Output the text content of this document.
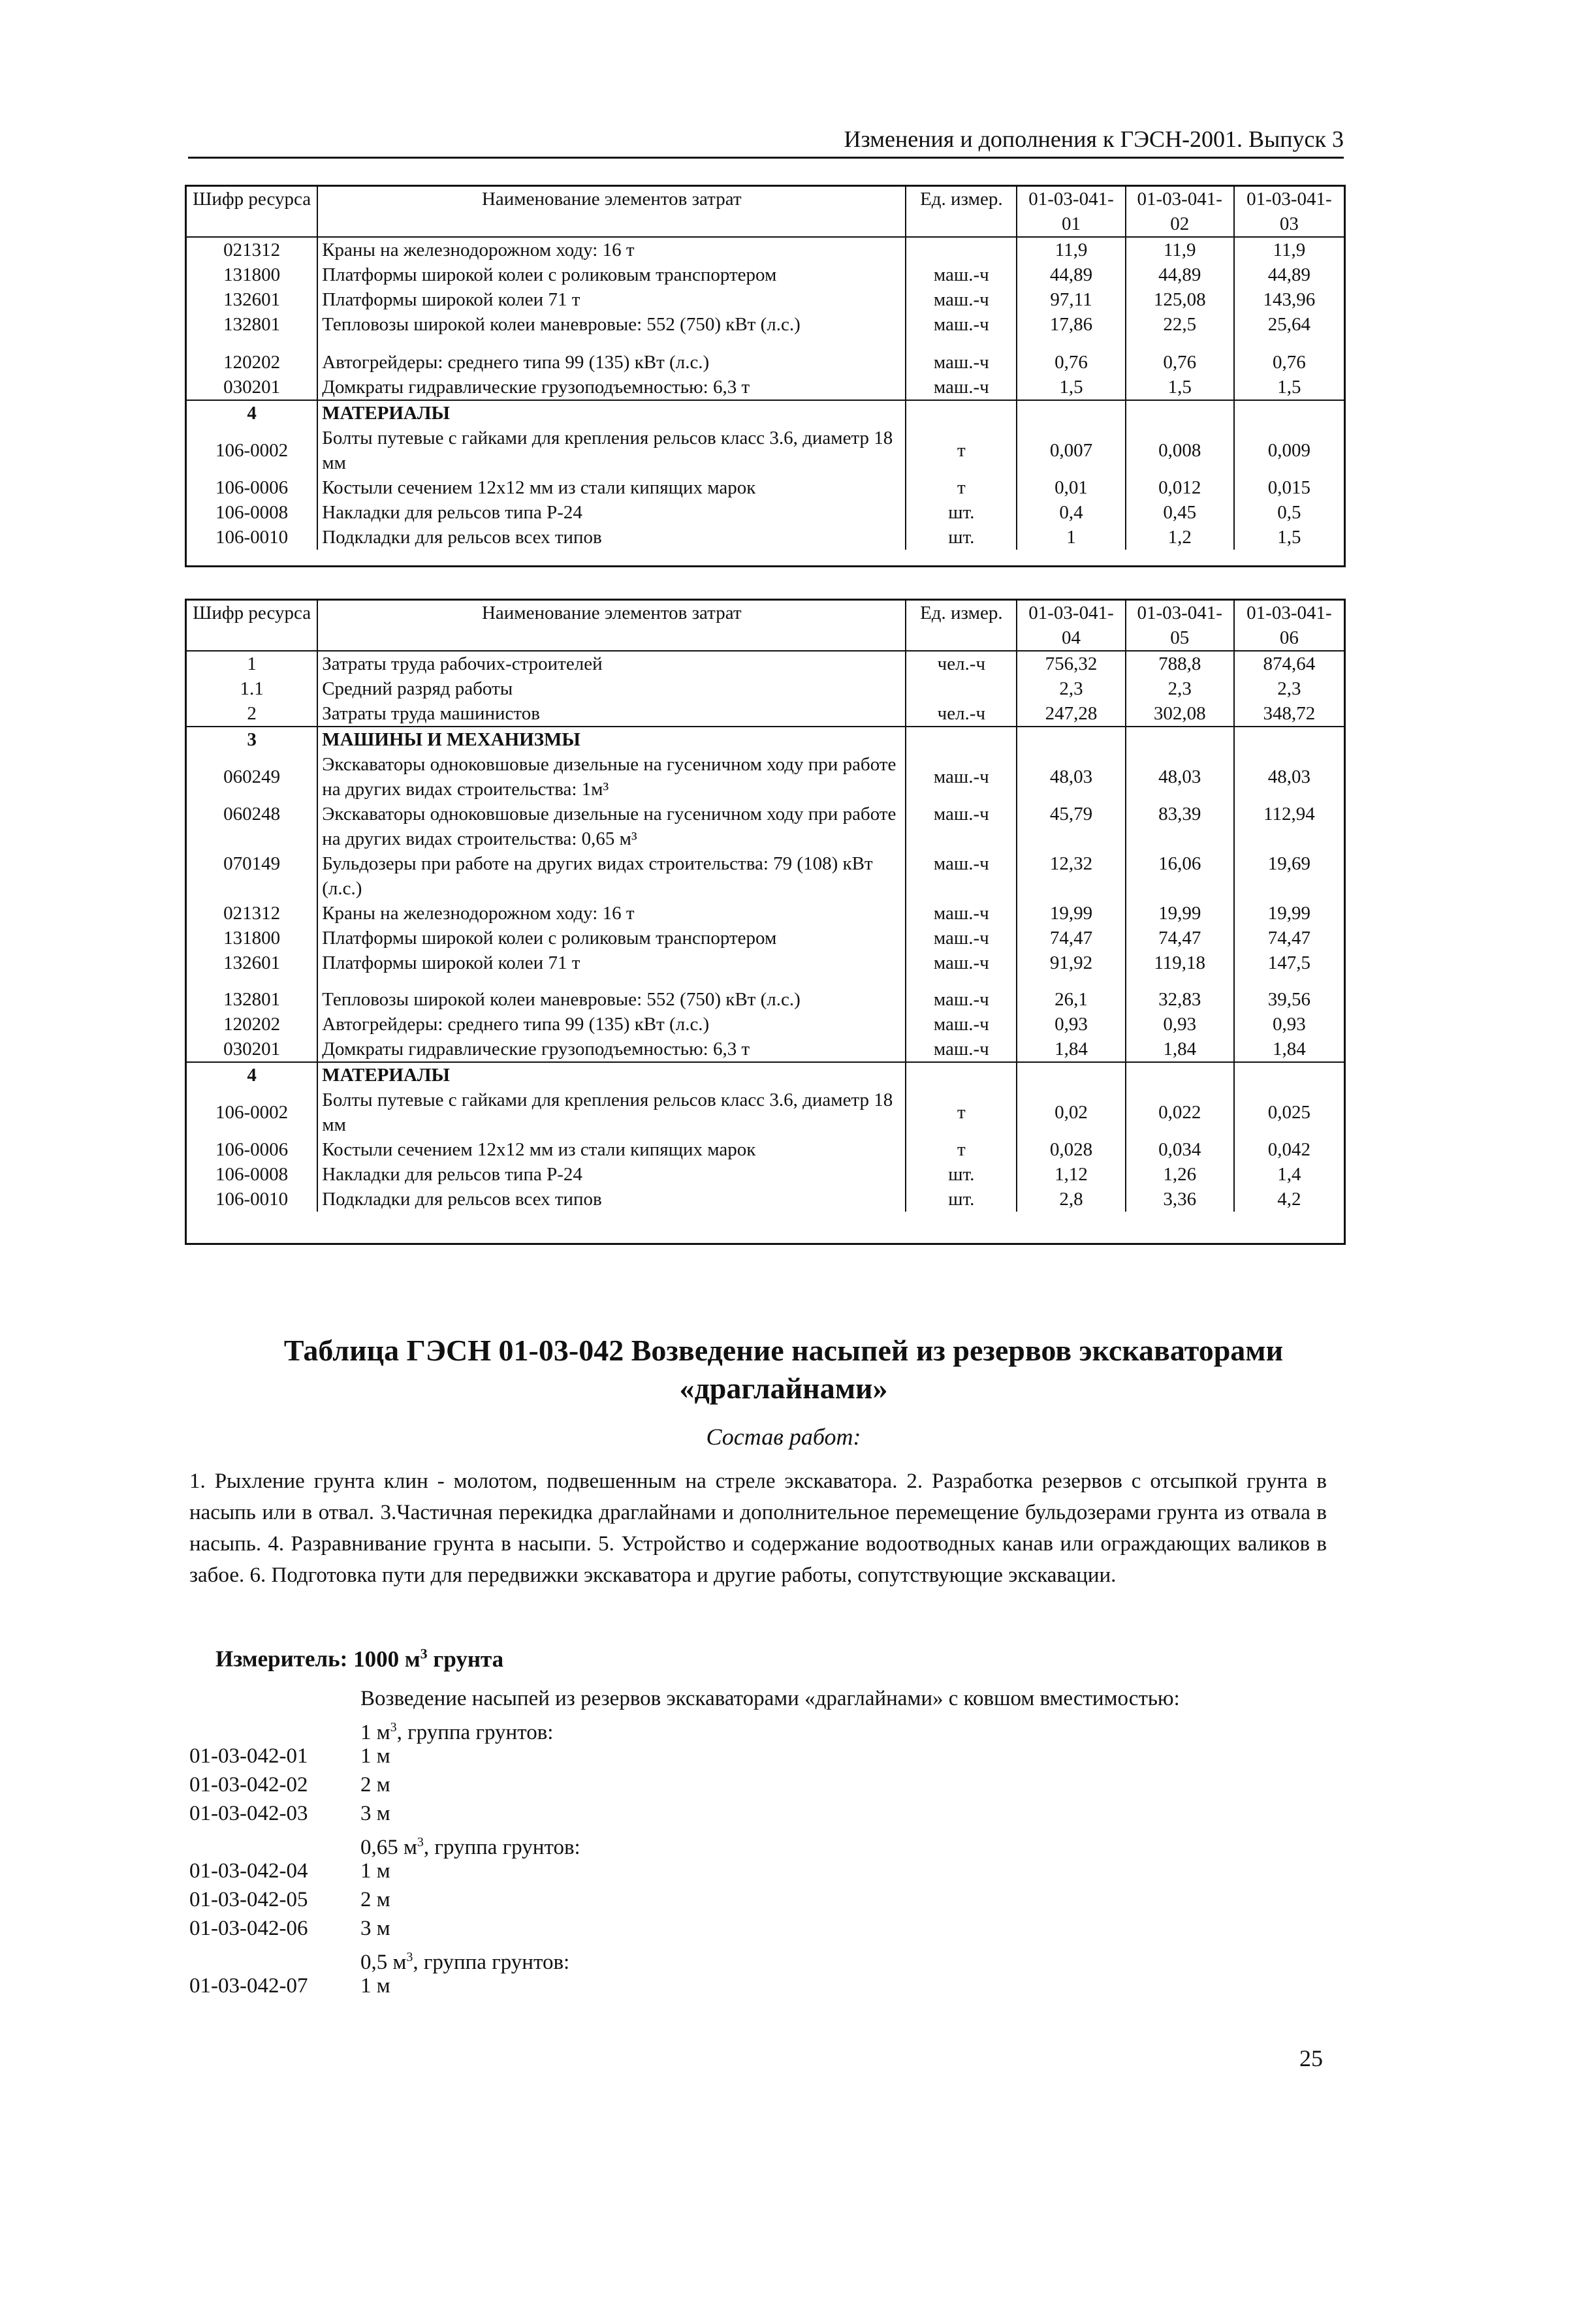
Изменения и дополнения к ГЭСН-2001. Выпуск 3
Шифр ресурса	Наименование элементов затрат	Ед. измер.	01-03-041-01	01-03-041-02	01-03-041-03
021312	Краны на железнодорожном ходу: 16 т		11,9	11,9	11,9
131800	Платформы широкой колеи с роликовым транспортером	маш.-ч	44,89	44,89	44,89
132601	Платформы широкой колеи 71 т	маш.-ч	97,11	125,08	143,96
132801	Тепловозы широкой колеи маневровые: 552 (750) кВт (л.с.)	маш.-ч	17,86	22,5	25,64
120202	Автогрейдеры: среднего типа 99 (135) кВт (л.с.)	маш.-ч	0,76	0,76	0,76
030201	Домкраты гидравлические грузоподъемностью: 6,3 т	маш.-ч	1,5	1,5	1,5
4	МАТЕРИАЛЫ				
106-0002	Болты путевые с гайками для крепления рельсов класс 3.6, диаметр 18 мм	т	0,007	0,008	0,009
106-0006	Костыли сечением 12х12 мм из стали кипящих марок	т	0,01	0,012	0,015
106-0008	Накладки для рельсов типа Р-24	шт.	0,4	0,45	0,5
106-0010	Подкладки для рельсов всех типов	шт.	1	1,2	1,5
Шифр ресурса	Наименование элементов затрат	Ед. измер.	01-03-041-04	01-03-041-05	01-03-041-06
1	Затраты труда рабочих-строителей	чел.-ч	756,32	788,8	874,64
1.1	Средний разряд работы		2,3	2,3	2,3
2	Затраты труда машинистов	чел.-ч	247,28	302,08	348,72
3	МАШИНЫ И МЕХАНИЗМЫ				
060249	Экскаваторы одноковшовые дизельные на гусеничном ходу при работе на других видах строительства: 1м³	маш.-ч	48,03	48,03	48,03
060248	Экскаваторы одноковшовые дизельные на гусеничном ходу при работе на других видах строительства: 0,65 м³	маш.-ч	45,79	83,39	112,94
070149	Бульдозеры при работе на других видах строительства: 79 (108) кВт (л.с.)	маш.-ч	12,32	16,06	19,69
021312	Краны на железнодорожном ходу: 16 т	маш.-ч	19,99	19,99	19,99
131800	Платформы широкой колеи с роликовым транспортером	маш.-ч	74,47	74,47	74,47
132601	Платформы широкой колеи 71 т	маш.-ч	91,92	119,18	147,5
132801	Тепловозы широкой колеи маневровые: 552 (750) кВт (л.с.)	маш.-ч	26,1	32,83	39,56
120202	Автогрейдеры: среднего типа 99 (135) кВт (л.с.)	маш.-ч	0,93	0,93	0,93
030201	Домкраты гидравлические грузоподъемностью: 6,3 т	маш.-ч	1,84	1,84	1,84
4	МАТЕРИАЛЫ				
106-0002	Болты путевые с гайками для крепления рельсов класс 3.6, диаметр 18 мм	т	0,02	0,022	0,025
106-0006	Костыли сечением 12х12 мм из стали кипящих марок	т	0,028	0,034	0,042
106-0008	Накладки для рельсов типа Р-24	шт.	1,12	1,26	1,4
106-0010	Подкладки для рельсов всех типов	шт.	2,8	3,36	4,2
Таблица ГЭСН 01-03-042 Возведение насыпей из резервов экскаваторами
«драглайнами»
Состав работ:
1. Рыхление грунта клин - молотом, подвешенным на стреле экскаватора. 2. Разработка резервов с отсыпкой грунта в насыпь или в отвал. 3.Частичная перекидка драглайнами и дополнительное перемещение бульдозерами грунта из отвала в насыпь. 4. Разравнивание грунта в насыпи. 5. Устройство и содержание водоотводных канав или ограждающих валиков в забое. 6. Подготовка пути для передвижки экскаватора и другие работы, сопутствующие экскавации.
Измеритель: 1000 $м^3$ грунта
Возведение насыпей из резервов экскаваторами «драглайнами» с ковшом вместимостью:
1 $м^3$, группа грунтов:
01-03-042-01	1 м
01-03-042-02	2 м
01-03-042-03	3 м
0,65 $м^3$, группа грунтов:
01-03-042-04	1 м
01-03-042-05	2 м
01-03-042-06	3 м
0,5 $м^3$, группа грунтов:
01-03-042-07	1 м
25
